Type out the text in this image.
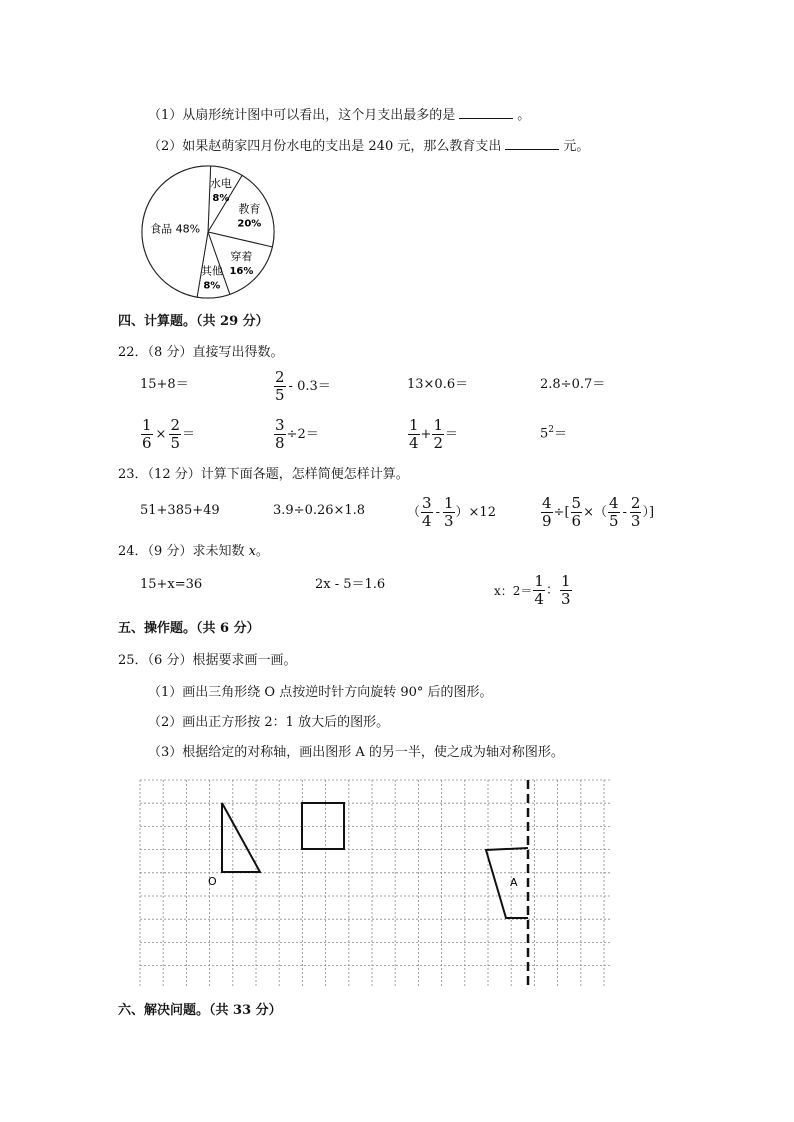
（1）从扇形统计图中可以看出，这个月支出最多的是	。
（2）如果赵萌家四月份水电的支出是 240 元，那么教育支出	元。
水电
8%
教育
20%
穿着
16%
其他
8%
食品 48%
四、计算题。（共 29 分）
22．（8 分）直接写出得数。
15+8＝	$\frac{2}{5} - 0.3=$	13×0.6＝	2.8÷0.7＝
$\frac{1}{6} \times \frac{2}{5}$ ＝	$\frac{3}{8} \div 2=$	$\frac{1}{4} + \frac{1}{2}$ ＝	$5^2=$
23．（12 分）计算下面各题，怎样简便怎样计算。
51+385+49	3.9÷0.26×1.8	（ $\frac{3}{4} - \frac{1}{3}$ ） ×12	$\frac{4}{9}$ ÷[ $\frac{5}{6}$ ×（ $\frac{4}{5} - \frac{2}{3}$ ）]
24．（9 分）求未知数 x。
15+x=36	2x - 5＝1.6	x：$2= \frac{1}{4}$ ： $\frac{1}{3}$
五、操作题。（共 6 分）
25．（6 分）根据要求画一画。
（1）画出三角形绕 O 点按逆时针方向旋转 90° 后的图形。
（2）画出正方形按 2：1 放大后的图形。
（3）根据给定的对称轴，画出图形 A 的另一半，使之成为轴对称图形。
O	A
六、解决问题。（共 33 分）
